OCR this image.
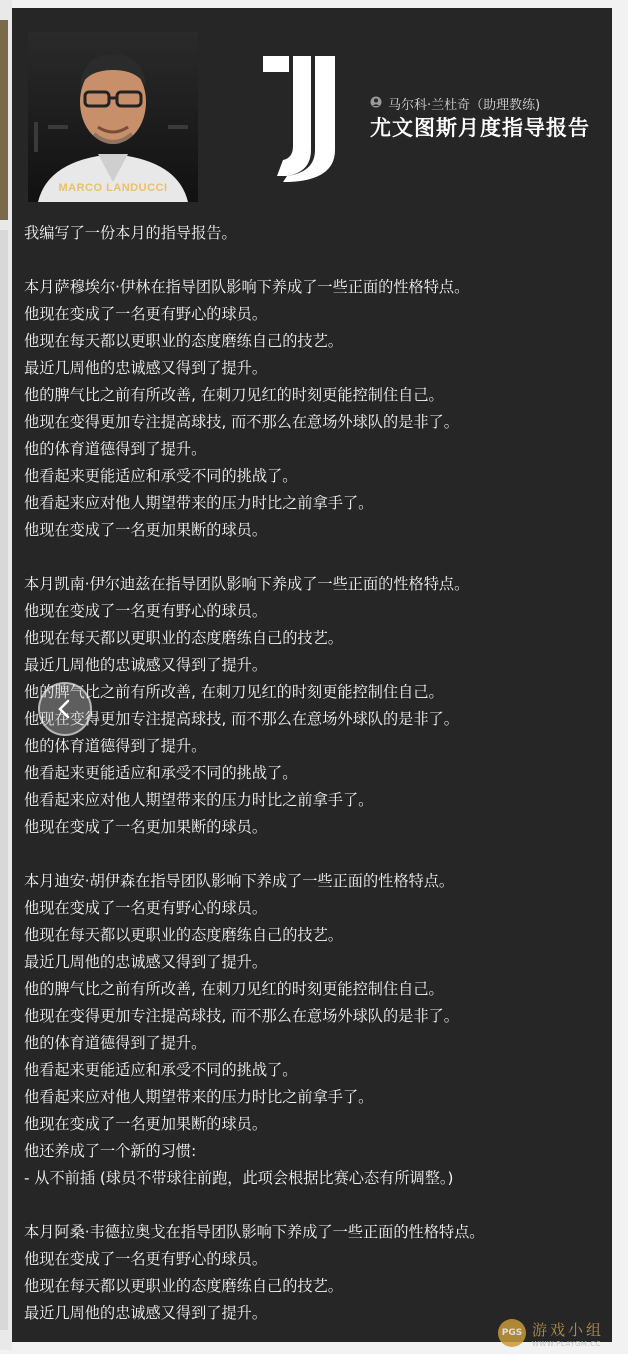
MARCO LANDUCCI
马尔科·兰杜奇（助理教练)
尤文图斯月度指导报告
我编写了一份本月的指导报告。
本月萨穆埃尔·伊林在指导团队影响下养成了一些正面的性格特点。
他现在变成了一名更有野心的球员。
他现在每天都以更职业的态度磨练自己的技艺。
最近几周他的忠诚感又得到了提升。
他的脾气比之前有所改善, 在刺刀见红的时刻更能控制住自己。
他现在变得更加专注提高球技, 而不那么在意场外球队的是非了。
他的体育道德得到了提升。
他看起来更能适应和承受不同的挑战了。
他看起来应对他人期望带来的压力时比之前拿手了。
他现在变成了一名更加果断的球员。
本月凯南·伊尔迪兹在指导团队影响下养成了一些正面的性格特点。
他现在变成了一名更有野心的球员。
他现在每天都以更职业的态度磨练自己的技艺。
最近几周他的忠诚感又得到了提升。
他的脾气比之前有所改善, 在刺刀见红的时刻更能控制住自己。
他现在变得更加专注提高球技, 而不那么在意场外球队的是非了。
他的体育道德得到了提升。
他看起来更能适应和承受不同的挑战了。
他看起来应对他人期望带来的压力时比之前拿手了。
他现在变成了一名更加果断的球员。
本月迪安·胡伊森在指导团队影响下养成了一些正面的性格特点。
他现在变成了一名更有野心的球员。
他现在每天都以更职业的态度磨练自己的技艺。
最近几周他的忠诚感又得到了提升。
他的脾气比之前有所改善, 在刺刀见红的时刻更能控制住自己。
他现在变得更加专注提高球技, 而不那么在意场外球队的是非了。
他的体育道德得到了提升。
他看起来更能适应和承受不同的挑战了。
他看起来应对他人期望带来的压力时比之前拿手了。
他现在变成了一名更加果断的球员。
他还养成了一个新的习惯:
- 从不前插 (球员不带球往前跑，此项会根据比赛心态有所调整。)
本月阿桑·韦德拉奥戈在指导团队影响下养成了一些正面的性格特点。
他现在变成了一名更有野心的球员。
他现在每天都以更职业的态度磨练自己的技艺。
最近几周他的忠诚感又得到了提升。
PGS 游戏小组
WWW.PLAYGM.CC
